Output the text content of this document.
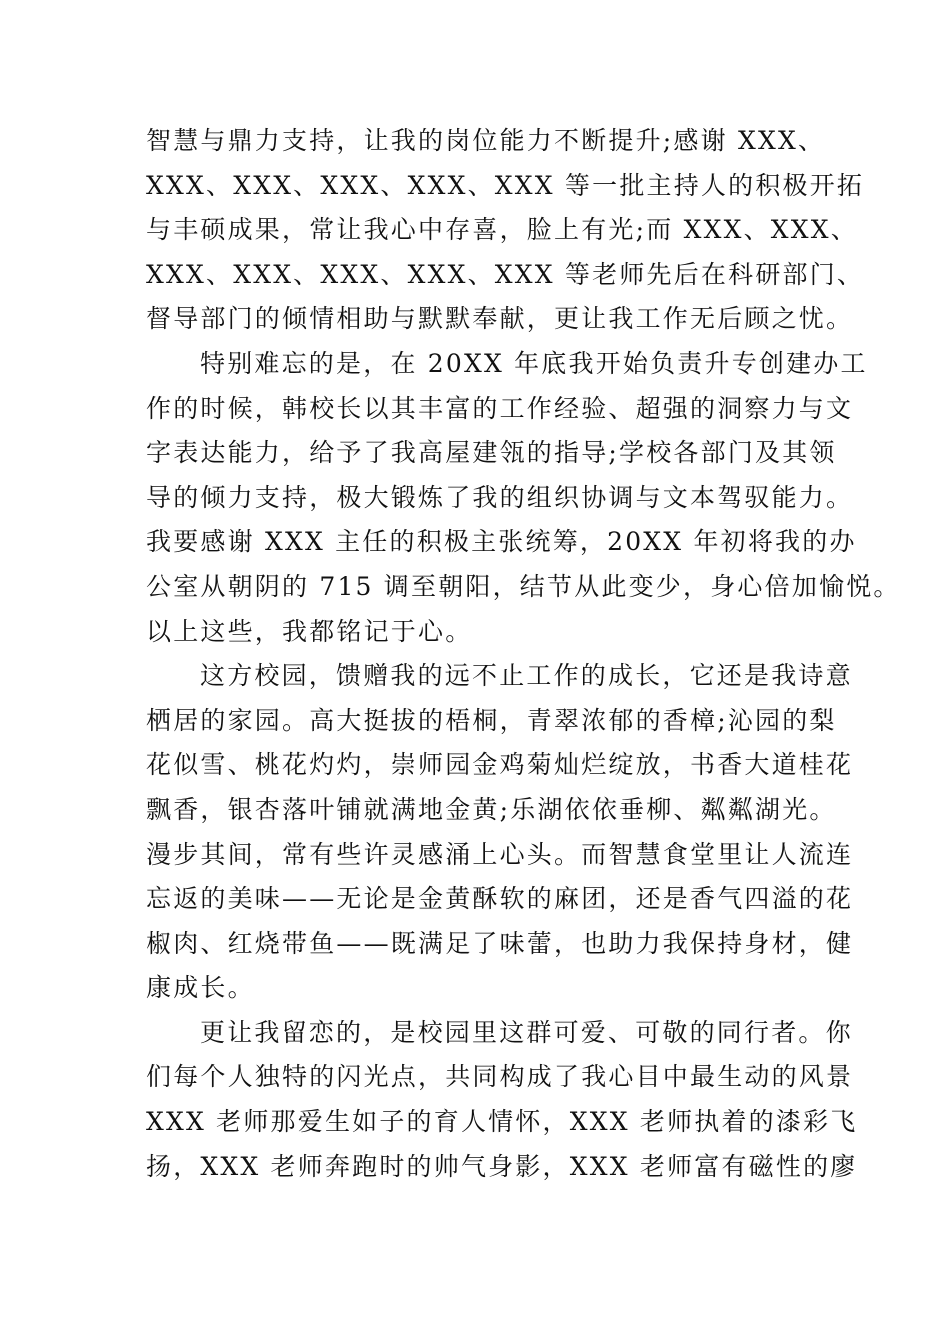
智慧与鼎力支持，让我的岗位能力不断提升;感谢 XXX、
XXX、XXX、XXX、XXX、XXX 等一批主持人的积极开拓
与丰硕成果，常让我心中存喜，脸上有光;而 XXX、XXX、
XXX、XXX、XXX、XXX、XXX 等老师先后在科研部门、
督导部门的倾情相助与默默奉献，更让我工作无后顾之忧。
特别难忘的是，在 20XX 年底我开始负责升专创建办工
作的时候，韩校长以其丰富的工作经验、超强的洞察力与文
字表达能力，给予了我高屋建瓴的指导;学校各部门及其领
导的倾力支持，极大锻炼了我的组织协调与文本驾驭能力。
我要感谢 XXX 主任的积极主张统筹，20XX 年初将我的办
公室从朝阴的 715 调至朝阳，结节从此变少，身心倍加愉悦。
以上这些，我都铭记于心。
这方校园，馈赠我的远不止工作的成长，它还是我诗意
栖居的家园。高大挺拔的梧桐，青翠浓郁的香樟;沁园的梨
花似雪、桃花灼灼，崇师园金鸡菊灿烂绽放，书香大道桂花
飘香，银杏落叶铺就满地金黄;乐湖依依垂柳、粼粼湖光。
漫步其间，常有些许灵感涌上心头。而智慧食堂里让人流连
忘返的美味——无论是金黄酥软的麻团，还是香气四溢的花
椒肉、红烧带鱼——既满足了味蕾，也助力我保持身材，健
康成长。
更让我留恋的，是校园里这群可爱、可敬的同行者。你
们每个人独特的闪光点，共同构成了我心目中最生动的风景
XXX 老师那爱生如子的育人情怀，XXX 老师执着的漆彩飞
扬，XXX 老师奔跑时的帅气身影，XXX 老师富有磁性的廖
